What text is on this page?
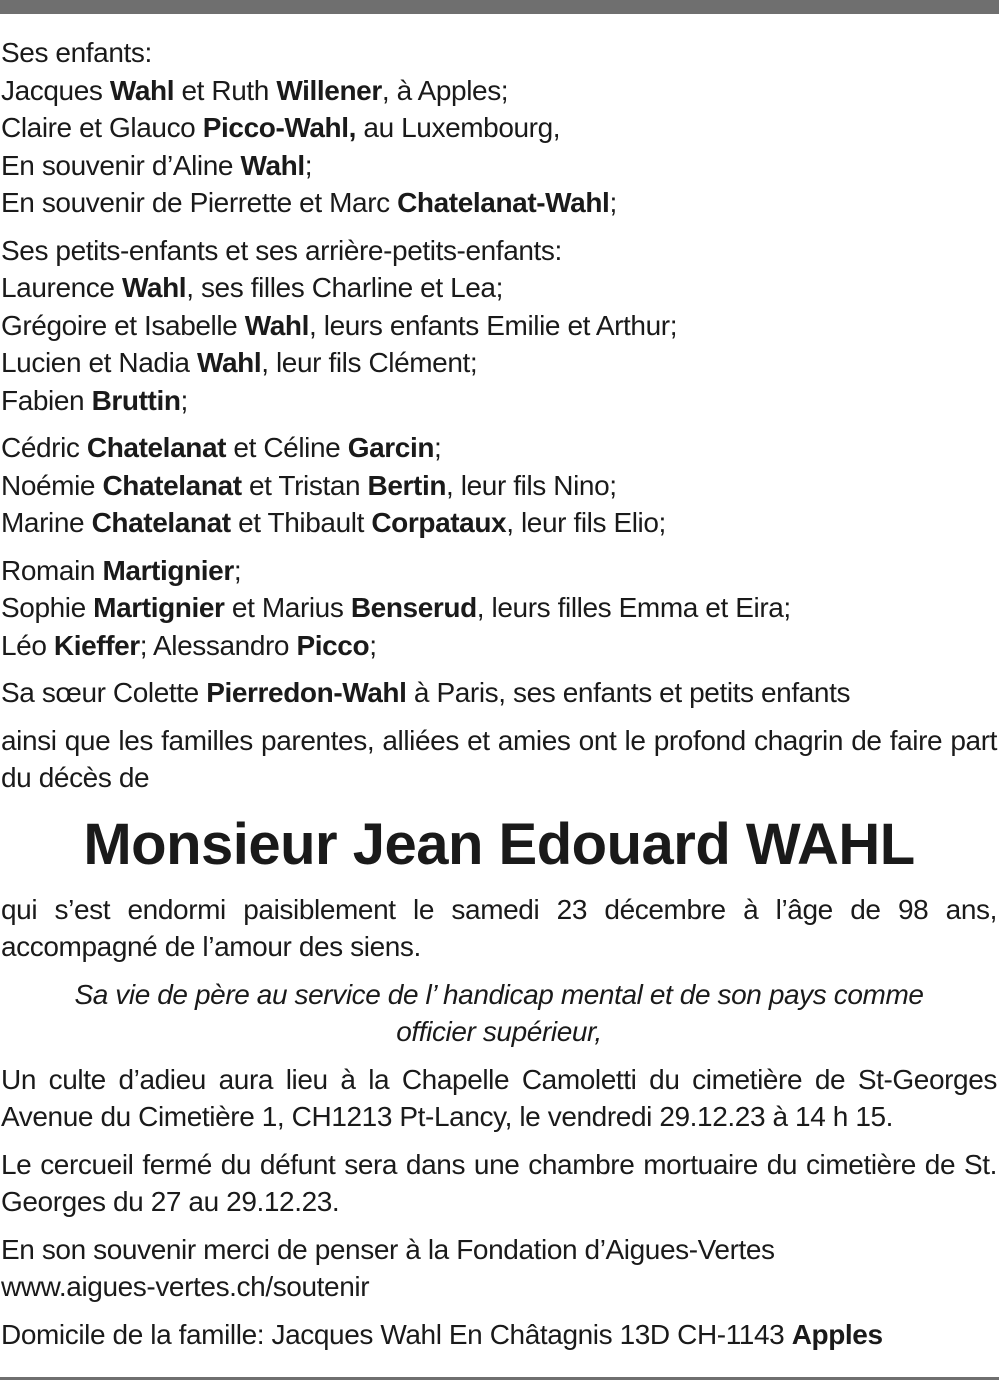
Ses enfants:
Jacques Wahl et Ruth Willener, à Apples;
Claire et Glauco Picco-Wahl, au Luxembourg,
En souvenir d’Aline Wahl;
En souvenir de Pierrette et Marc Chatelanat-Wahl;
Ses petits-enfants et ses arrière-petits-enfants:
Laurence Wahl, ses filles Charline et Lea;
Grégoire et Isabelle Wahl, leurs enfants Emilie et Arthur;
Lucien et Nadia Wahl, leur fils Clément;
Fabien Bruttin;
Cédric Chatelanat et Céline Garcin;
Noémie Chatelanat et Tristan Bertin, leur fils Nino;
Marine Chatelanat et Thibault Corpataux, leur fils Elio;
Romain Martignier;
Sophie Martignier et Marius Benserud, leurs filles Emma et Eira;
Léo Kieffer; Alessandro Picco;
Sa sœur Colette Pierredon-Wahl à Paris, ses enfants et petits enfants
ainsi que les familles parentes, alliées et amies ont le profond chagrin de faire part du décès de
Monsieur Jean Edouard WAHL
qui s’est endormi paisiblement le samedi 23 décembre à l’âge de 98 ans, accompagné de l’amour des siens.
Sa vie de père au service de l’ handicap mental et de son pays comme officier supérieur,
Un culte d’adieu aura lieu à la Chapelle Camoletti du cimetière de St-Georges Avenue du Cimetière 1, CH1213 Pt-Lancy, le vendredi 29.12.23 à 14 h 15.
Le cercueil fermé du défunt sera dans une chambre mortuaire du cimetière de St. Georges du 27 au 29.12.23.
En son souvenir merci de penser à la Fondation d’Aigues-Vertes
www.aigues-vertes.ch/soutenir
Domicile de la famille: Jacques Wahl En Châtagnis 13D CH-1143 Apples
